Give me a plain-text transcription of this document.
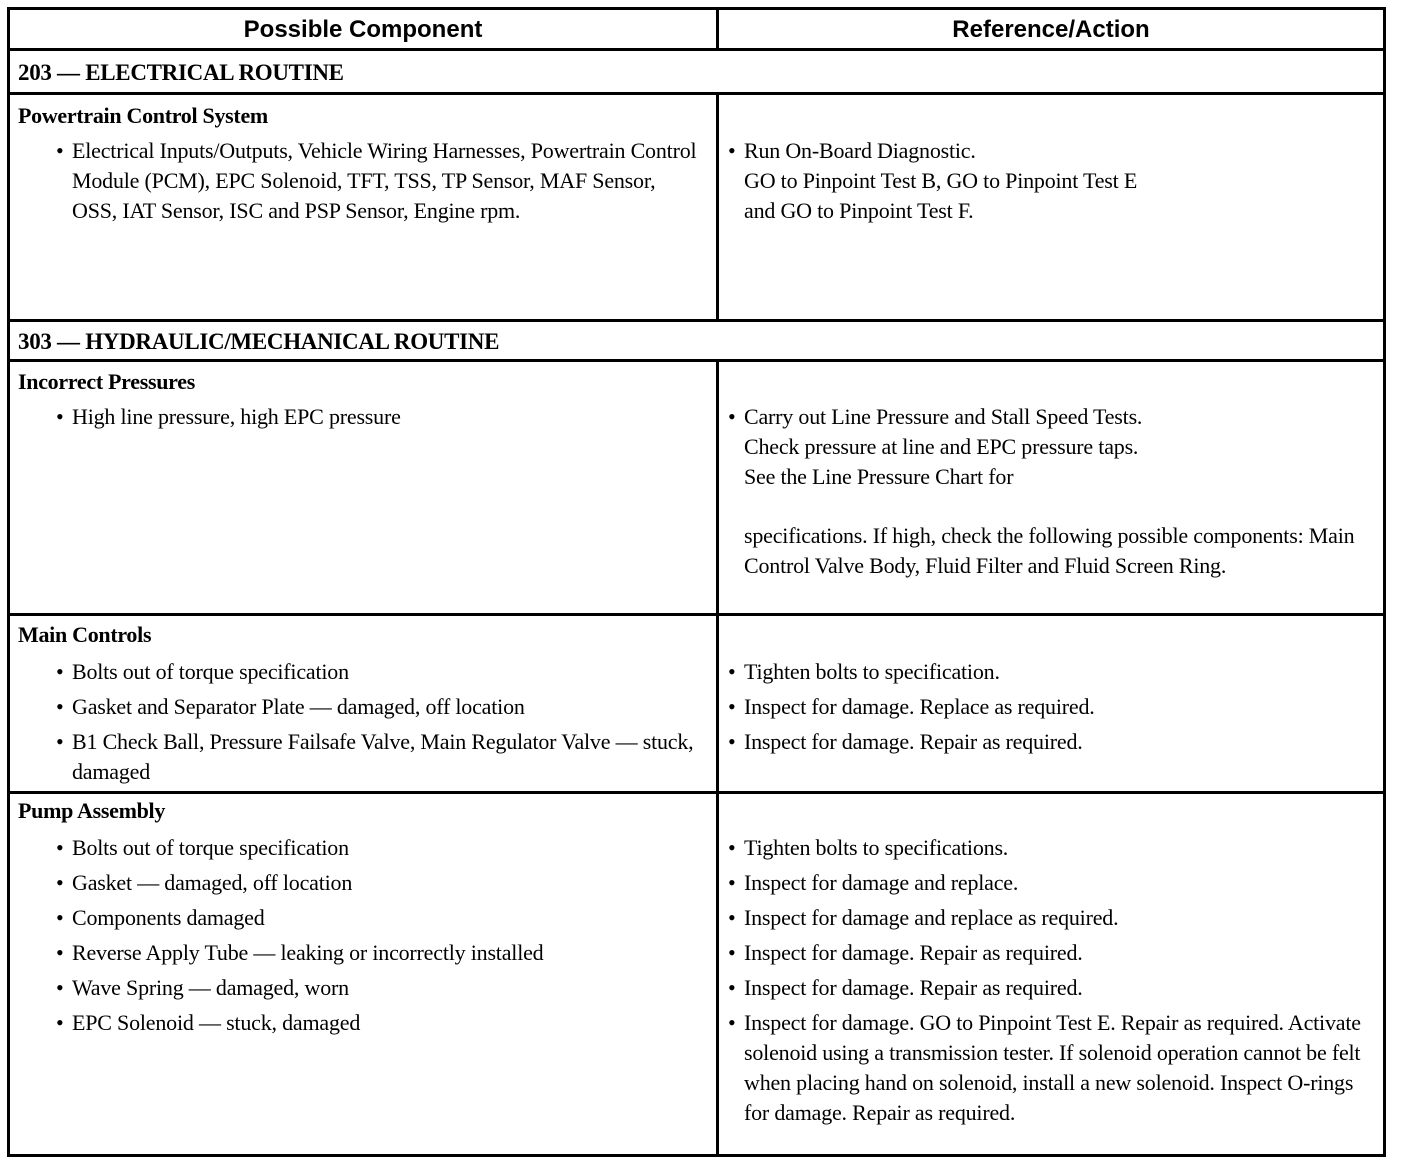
Possible Component	Reference/Action
203 — ELECTRICAL ROUTINE
Powertrain Control System
• Electrical Inputs/Outputs, Vehicle Wiring Harnesses, Powertrain Control Module (PCM), EPC Solenoid, TFT, TSS, TP Sensor, MAF Sensor, OSS, IAT Sensor, ISC and PSP Sensor, Engine rpm.
• Run On-Board Diagnostic.
GO to Pinpoint Test B, GO to Pinpoint Test E
and GO to Pinpoint Test F.
303 — HYDRAULIC/MECHANICAL ROUTINE
Incorrect Pressures
• High line pressure, high EPC pressure	• Carry out Line Pressure and Stall Speed Tests.
Check pressure at line and EPC pressure taps.
See the Line Pressure Chart for
specifications. If high, check the following possible components: Main Control Valve Body, Fluid Filter and Fluid Screen Ring.
Main Controls
• Bolts out of torque specification
• Gasket and Separator Plate — damaged, off location
• B1 Check Ball, Pressure Failsafe Valve, Main Regulator Valve — stuck, damaged
• Tighten bolts to specification.
• Inspect for damage. Replace as required.
• Inspect for damage. Repair as required.
Pump Assembly
• Bolts out of torque specification
• Gasket — damaged, off location
• Components damaged
• Reverse Apply Tube — leaking or incorrectly installed
• Wave Spring — damaged, worn
• EPC Solenoid — stuck, damaged
• Tighten bolts to specifications.
• Inspect for damage and replace.
• Inspect for damage and replace as required.
• Inspect for damage. Repair as required.
• Inspect for damage. Repair as required.
• Inspect for damage. GO to Pinpoint Test E. Repair as required. Activate solenoid using a transmission tester. If solenoid operation cannot be felt when placing hand on solenoid, install a new solenoid. Inspect O-rings for damage. Repair as required.
